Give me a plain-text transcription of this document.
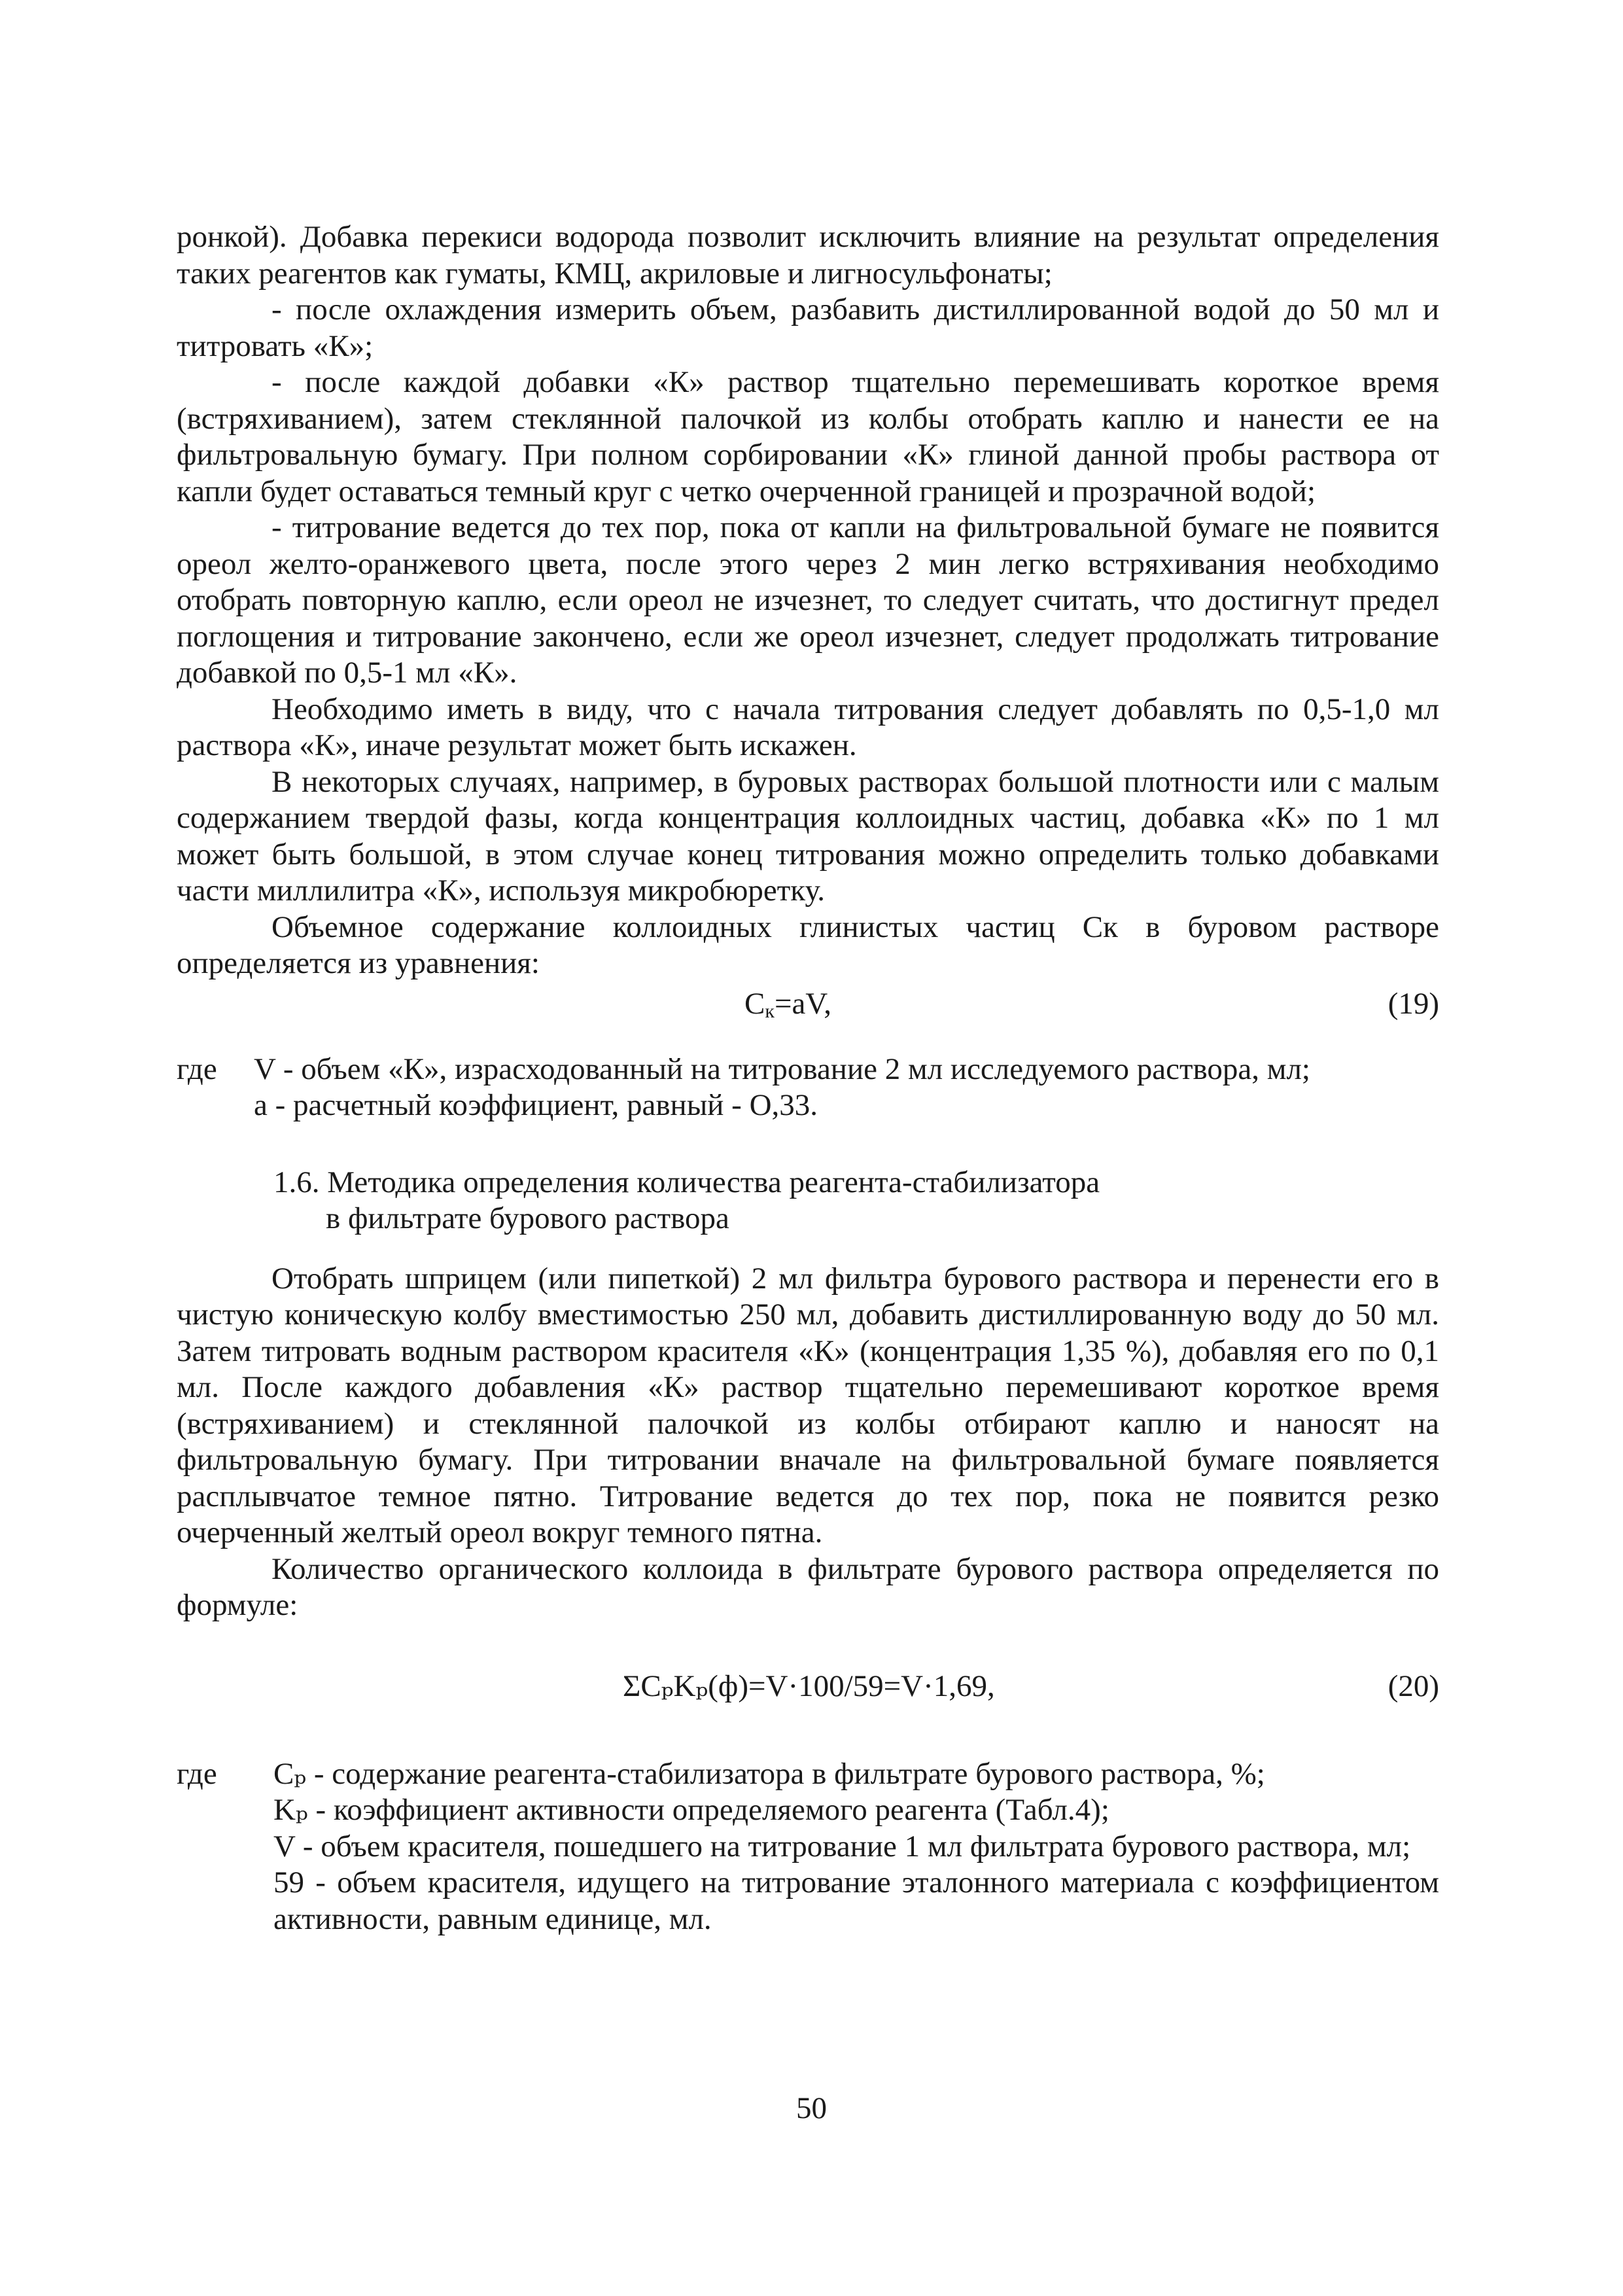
ронкой). Добавка перекиси водорода позволит исключить влияние на результат определения таких реагентов как гуматы, КМЦ, акриловые и лигносульфонаты;

- после охлаждения измерить объем, разбавить дистиллированной водой до 50 мл и титровать «К»;

- после каждой добавки «К» раствор тщательно перемешивать короткое время (встряхиванием), затем стеклянной палочкой из колбы отобрать каплю и нанести ее на фильтровальную бумагу. При полном сорбировании «К» глиной данной пробы раствора от капли будет оставаться темный круг с четко очерченной границей и прозрачной водой;

- титрование ведется до тех пор, пока от капли на фильтровальной бумаге не появится ореол желто-оранжевого цвета, после этого через 2 мин легко встряхивания необходимо отобрать повторную каплю, если ореол не изчезнет, то следует считать, что достигнут предел поглощения и титрование закончено, если же ореол изчезнет, следует продолжать титрование добавкой по 0,5-1 мл «К».

Необходимо иметь в виду, что с начала титрования следует добавлять по 0,5-1,0 мл раствора «К», иначе результат может быть искажен.

В некоторых случаях, например, в буровых растворах большой плотности или с малым содержанием твердой фазы, когда концентрация коллоидных частиц, добавка «К» по 1 мл может быть большой, в этом случае конец титрования можно определить только добавками части миллилитра «К», используя микробюретку.

Объемное содержание коллоидных глинистых частиц Cк в буровом растворе определяется из уравнения:

$C_к=aV$,	(19)
где	V - объем «К», израсходованный на титрование 2 мл исследуемого раствора, мл;

а - расчетный коэффициент, равный - О,33.

1.6. Методика определения количества реагента-стабилизатора
в фильтрате бурового раствора

Отобрать шприцем (или пипеткой) 2 мл фильтра бурового раствора и перенести его в чистую коническую колбу вместимостью 250 мл, добавить дистиллированную воду до 50 мл. Затем титровать водным раствором красителя «К» (концентрация 1,35 %), добавляя его по 0,1 мл. После каждого добавления «К» раствор тщательно перемешивают короткое время (встряхиванием) и стеклянной палочкой из колбы отбирают каплю и наносят на фильтровальную бумагу. При титровании вначале на фильтровальной бумаге появляется расплывчатое темное пятно. Титрование ведется до тех пор, пока не появится резко очерченный желтый ореол вокруг темного пятна.

Количество органического коллоида в фильтрате бурового раствора определяется по формуле:

ΣCₚKₚ(ф)=V·100/59=V·1,69,	(20)
где	Cₚ - содержание реагента-стабилизатора в фильтрате бурового раствора, %;

Kₚ - коэффициент активности определяемого реагента (Табл.4);

V - объем красителя, пошедшего на титрование 1 мл фильтрата бурового раствора, мл;

59 - объем красителя, идущего на титрование эталонного материала с коэффициентом активности, равным единице, мл.

50
